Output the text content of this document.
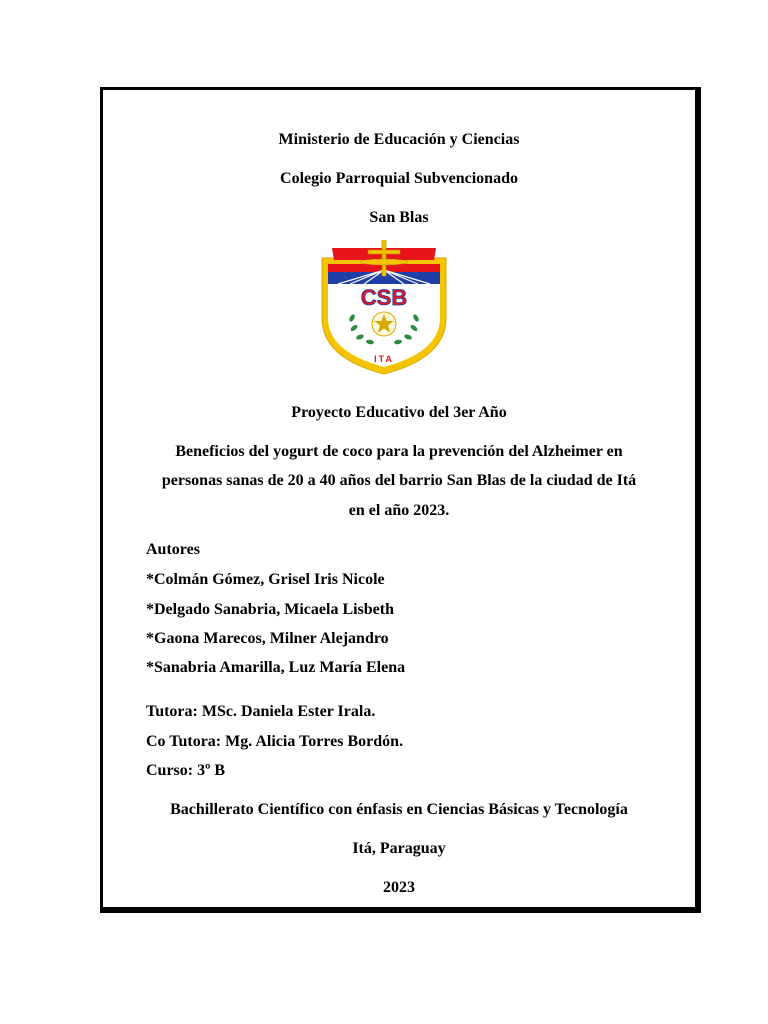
Ministerio de Educación y Ciencias
Colegio Parroquial Subvencionado
San Blas
CSB
ITA
Proyecto Educativo del 3er Año
Beneficios del yogurt de coco para la prevención del Alzheimer en
personas sanas de 20 a 40 años del barrio San Blas de la ciudad de Itá
en el año 2023.
Autores
*Colmán Gómez, Grisel Iris Nicole
*Delgado Sanabria, Micaela Lisbeth
*Gaona Marecos, Milner Alejandro
*Sanabria Amarilla, Luz María Elena
Tutora: MSc. Daniela Ester Irala.
Co Tutora: Mg. Alicia Torres Bordón.
Curso: 3º B
Bachillerato Científico con énfasis en Ciencias Básicas y Tecnología
Itá, Paraguay
2023
